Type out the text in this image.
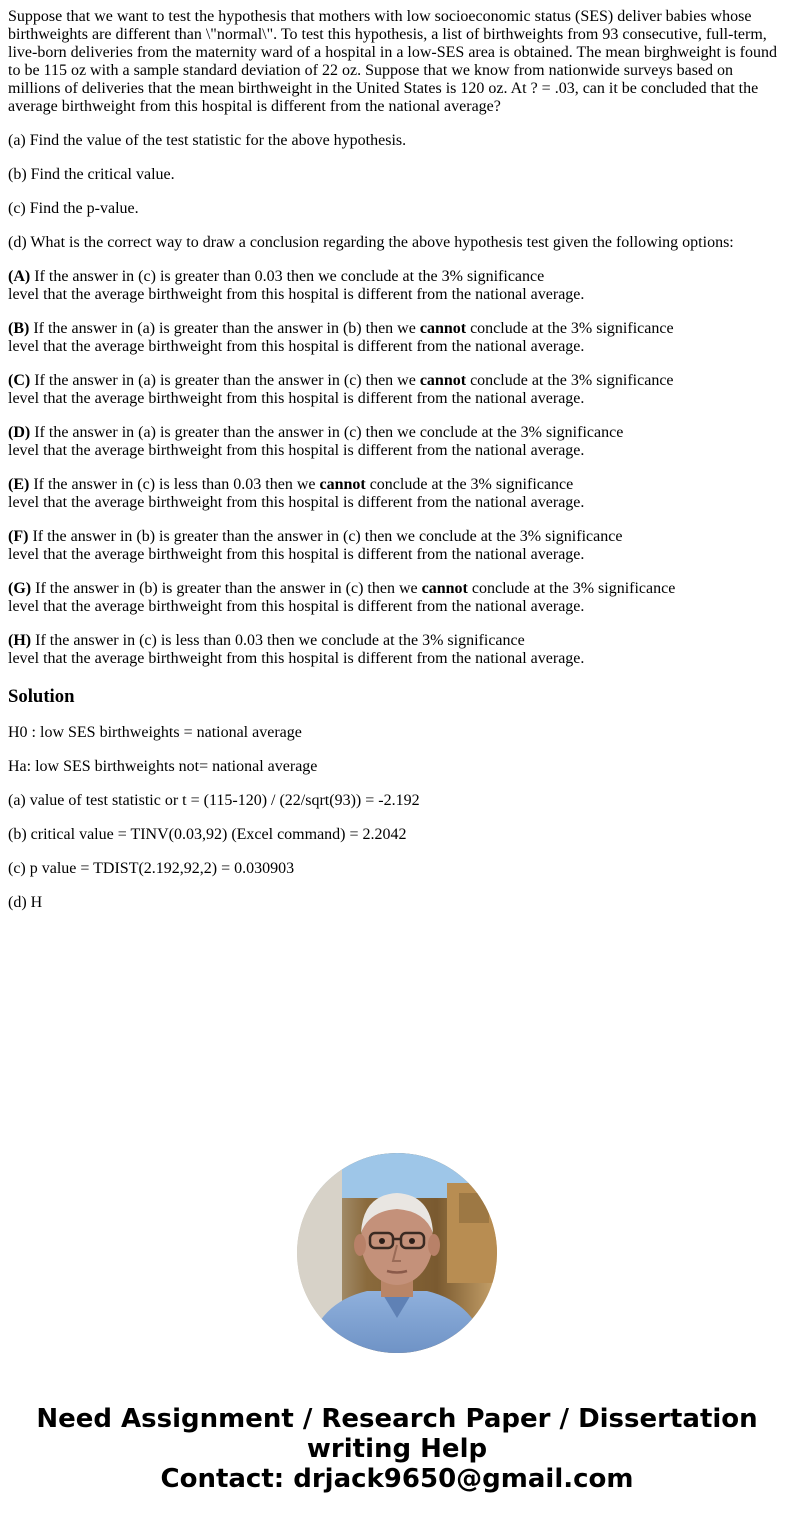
Suppose that we want to test the hypothesis that mothers with low socioeconomic status (SES) deliver babies whose birthweights are different than \"normal\". To test this hypothesis, a list of birthweights from 93 consecutive, full-term, live-born deliveries from the maternity ward of a hospital in a low-SES area is obtained. The mean birghweight is found to be 115 oz with a sample standard deviation of 22 oz. Suppose that we know from nationwide surveys based on millions of deliveries that the mean birthweight in the United States is 120 oz. At ? = .03, can it be concluded that the average birthweight from this hospital is different from the national average?

(a) Find the value of the test statistic for the above hypothesis.

(b) Find the critical value.

(c) Find the p-value.

(d) What is the correct way to draw a conclusion regarding the above hypothesis test given the following options:

(A) If the answer in (c) is greater than 0.03 then we conclude at the 3% significance
level that the average birthweight from this hospital is different from the national average.

(B) If the answer in (a) is greater than the answer in (b) then we cannot conclude at the 3% significance
level that the average birthweight from this hospital is different from the national average.

(C) If the answer in (a) is greater than the answer in (c) then we cannot conclude at the 3% significance
level that the average birthweight from this hospital is different from the national average.

(D) If the answer in (a) is greater than the answer in (c) then we conclude at the 3% significance
level that the average birthweight from this hospital is different from the national average.

(E) If the answer in (c) is less than 0.03 then we cannot conclude at the 3% significance
level that the average birthweight from this hospital is different from the national average.

(F) If the answer in (b) is greater than the answer in (c) then we conclude at the 3% significance
level that the average birthweight from this hospital is different from the national average.

(G) If the answer in (b) is greater than the answer in (c) then we cannot conclude at the 3% significance
level that the average birthweight from this hospital is different from the national average.

(H) If the answer in (c) is less than 0.03 then we conclude at the 3% significance
level that the average birthweight from this hospital is different from the national average.

Solution

H0 : low SES birthweights = national average

Ha: low SES birthweights not= national average

(a) value of test statistic or t = (115-120) / (22/sqrt(93)) = -2.192

(b) critical value = TINV(0.03,92) (Excel command) = 2.2042

(c) p value = TDIST(2.192,92,2) = 0.030903

(d) H

Need Assignment / Research Paper / Dissertation
writing Help
Contact: drjack9650@gmail.com
